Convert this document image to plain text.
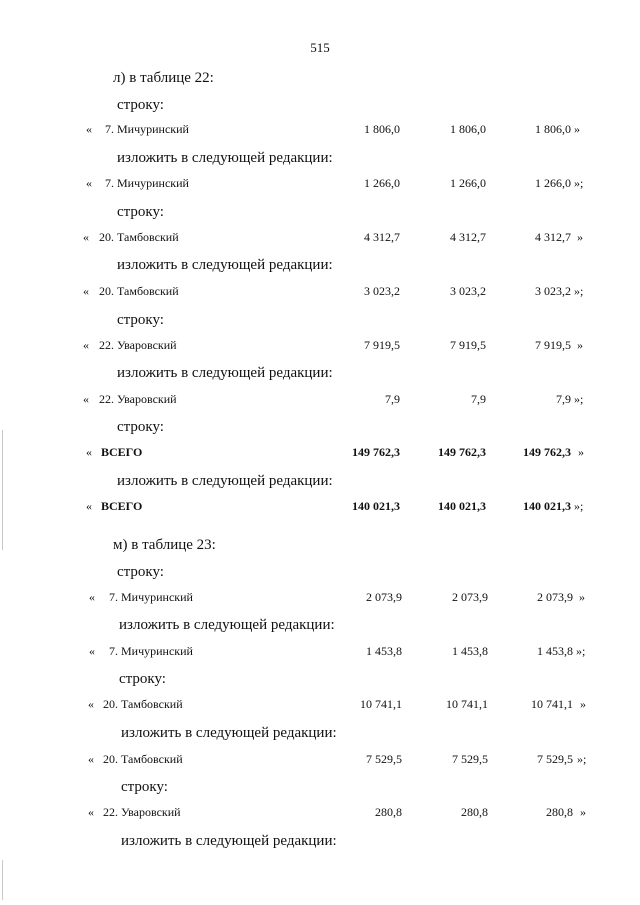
515
л) в таблице 22:
строку:
« 7. Мичуринский	1 806,0	1 806,0	1 806,0 »
изложить в следующей редакции:
« 7. Мичуринский	1 266,0	1 266,0	1 266,0 »;
строку:
« 20. Тамбовский	4 312,7	4 312,7	4 312,7 »
изложить в следующей редакции:
« 20. Тамбовский	3 023,2	3 023,2	3 023,2 »;
строку:
« 22. Уваровский	7 919,5	7 919,5	7 919,5 »
изложить в следующей редакции:
« 22. Уваровский	7,9	7,9	7,9 »;
строку:
« ВСЕГО	149 762,3	149 762,3	149 762,3 »
изложить в следующей редакции:
« ВСЕГО	140 021,3	140 021,3	140 021,3 »;
м) в таблице 23:
строку:
« 7. Мичуринский	2 073,9	2 073,9	2 073,9 »
изложить в следующей редакции:
« 7. Мичуринский	1 453,8	1 453,8	1 453,8 »;
строку:
« 20. Тамбовский	10 741,1	10 741,1	10 741,1 »
изложить в следующей редакции:
« 20. Тамбовский	7 529,5	7 529,5	7 529,5 »;
строку:
« 22. Уваровский	280,8	280,8	280,8 »
изложить в следующей редакции:
